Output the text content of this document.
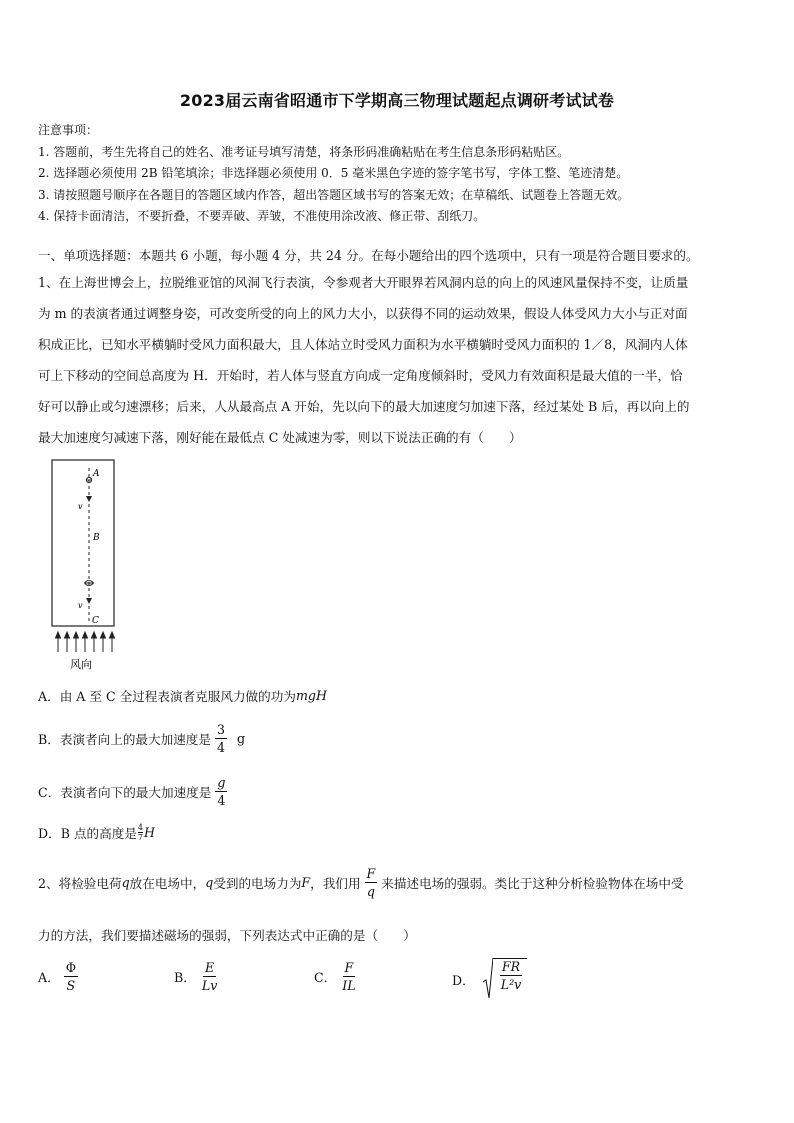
2023届云南省昭通市下学期高三物理试题起点调研考试试卷
注意事项：
1. 答题前，考生先将自己的姓名、准考证号填写清楚，将条形码准确粘贴在考生信息条形码粘贴区。
2. 选择题必须使用 2B 铅笔填涂；非选择题必须使用 0．5 毫米黑色字迹的签字笔书写，字体工整、笔迹清楚。
3. 请按照题号顺序在各题目的答题区域内作答，超出答题区域书写的答案无效；在草稿纸、试题卷上答题无效。
4. 保持卡面清洁，不要折叠，不要弄破、弄皱，不准使用涂改液、修正带、刮纸刀。
一、单项选择题：本题共 6 小题，每小题 4 分，共 24 分。在每小题给出的四个选项中，只有一项是符合题目要求的。
1、在上海世博会上，拉脱维亚馆的风洞飞行表演，令参观者大开眼界若风洞内总的向上的风速风量保持不变，让质量
为 m 的表演者通过调整身姿，可改变所受的向上的风力大小，以获得不同的运动效果，假设人体受风力大小与正对面
积成正比，已知水平横躺时受风力面积最大，且人体站立时受风力面积为水平横躺时受风力面积的 1／8，风洞内人体
可上下移动的空间总高度为 H．开始时，若人体与竖直方向成一定角度倾斜时，受风力有效面积是最大值的一半，恰
好可以静止或匀速漂移；后来，人从最高点 A 开始，先以向下的最大加速度匀加速下落，经过某处 B 后，再以向上的
最大加速度匀减速下落，刚好能在最低点 C 处减速为零，则以下说法正确的有（　　）
A
B
C
v
v
风向
A．由 A 至 C 全过程表演者克服风力做的功为 mgH
B．表演者向上的最大加速度是 $\frac{3}{4}$ g
C．表演者向下的最大加速度是 $\frac{g}{4}$
D．B 点的高度是 $\frac{4}{7}$ H
2、将检验电荷 q 放在电场中， q 受到的电场力为 F ，我们用 $\frac{F}{q}$ 来描述电场的强弱。类比于这种分析检验物体在场中受
力的方法，我们要描述磁场的强弱，下列表达式中正确的是（　　）
A． $\frac{\Phi}{S}$	B． $\frac{E}{Lv}$	C． $\frac{F}{IL}$	D． $\frac{FR}{\text{L²v}}$
